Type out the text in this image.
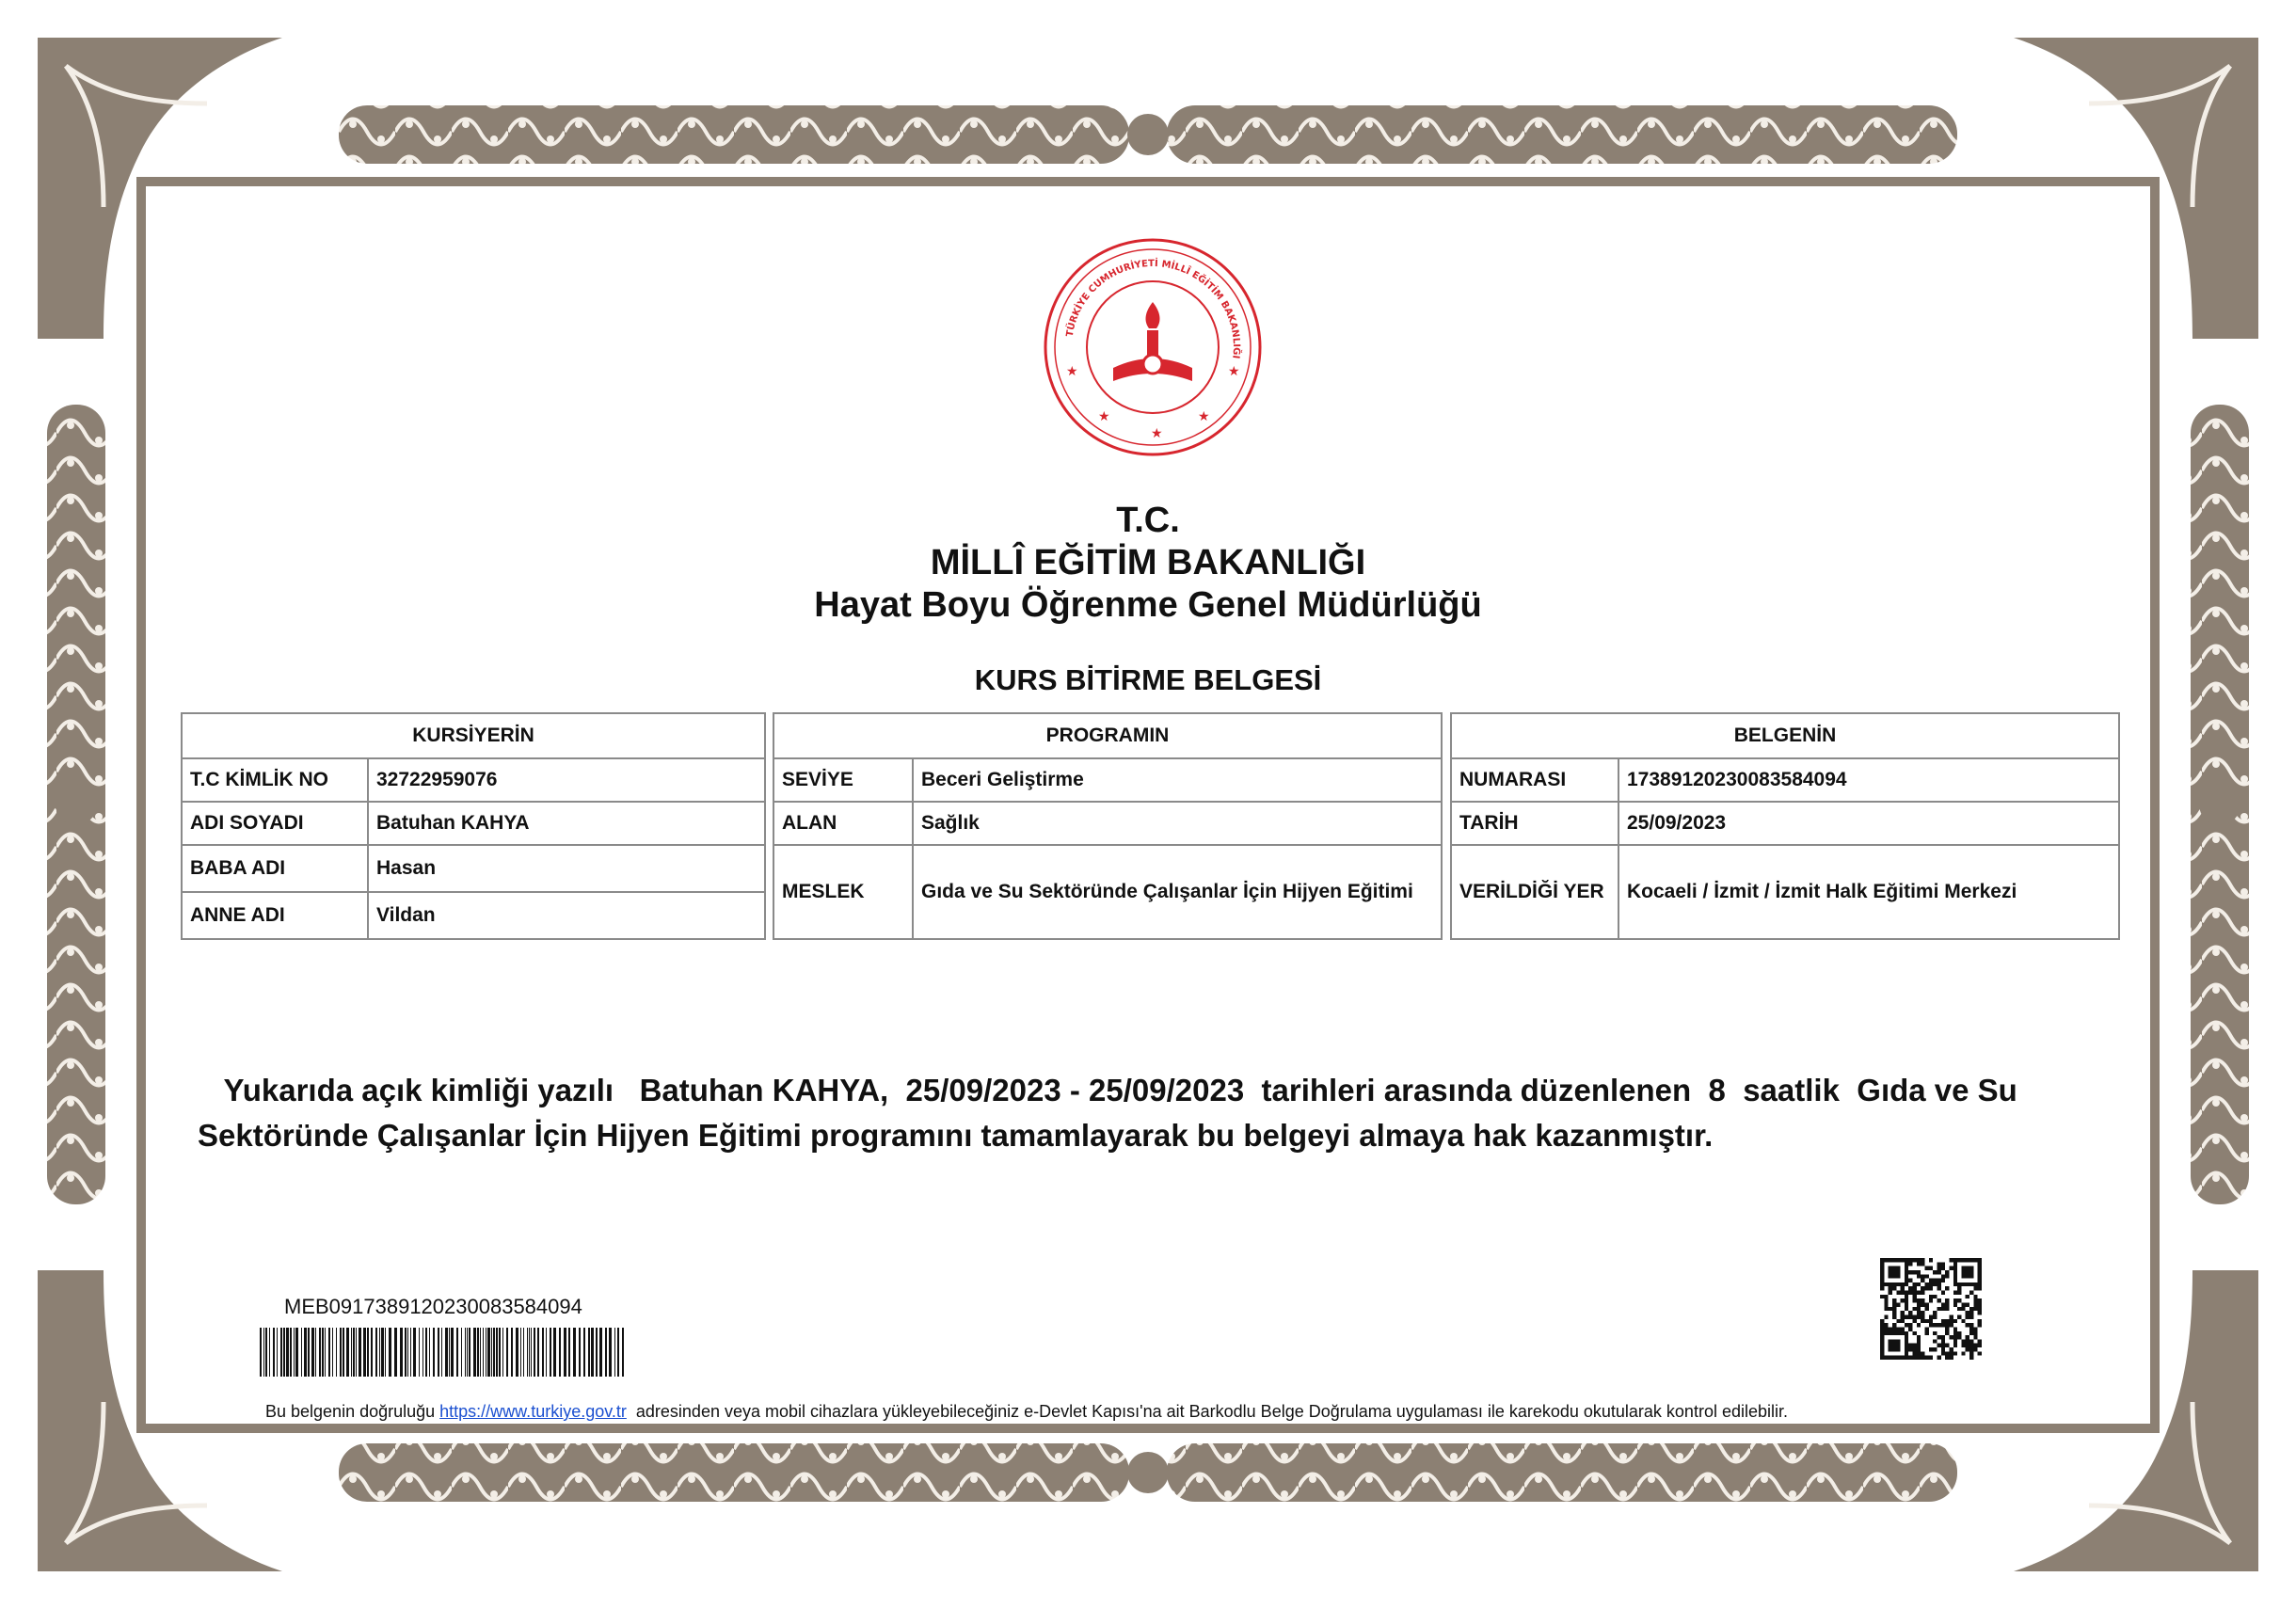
TÜRKİYE CUMHURİYETİ MİLLÎ EĞİTİM BAKANLIĞI
★
★	★
★	★
T.C.
MİLLÎ EĞİTİM BAKANLIĞI
Hayat Boyu Öğrenme Genel Müdürlüğü
KURS BİTİRME BELGESİ
KURSİYERİN	
T.C KİMLİK NO	32722959076
ADI SOYADI	Batuhan KAHYA
BABA ADI	Hasan
ANNE ADI	Vildan
PROGRAMIN	
SEVİYE	Beceri Geliştirme
ALAN	Sağlık
MESLEK	Gıda ve Su Sektöründe Çalışanlar İçin Hijyen Eğitimi
BELGENİN	
NUMARASI	17389120230083584094
TARİH	25/09/2023
VERİLDİĞİ YER	Kocaeli / İzmit / İzmit Halk Eğitimi Merkezi
Yukarıda açık kimliği yazılı   Batuhan KAHYA,  25/09/2023 - 25/09/2023  tarihleri arasında düzenlenen  8  saatlik  Gıda ve Su Sektöründe Çalışanlar İçin Hijyen Eğitimi programını tamamlayarak bu belgeyi almaya hak kazanmıştır.
MEB0917389120230083584094
Bu belgenin doğruluğu https://www.turkiye.gov.tr  adresinden veya mobil cihazlara yükleyebileceğiniz e-Devlet Kapısı'na ait Barkodlu Belge Doğrulama uygulaması ile karekodu okutularak kontrol edilebilir.
